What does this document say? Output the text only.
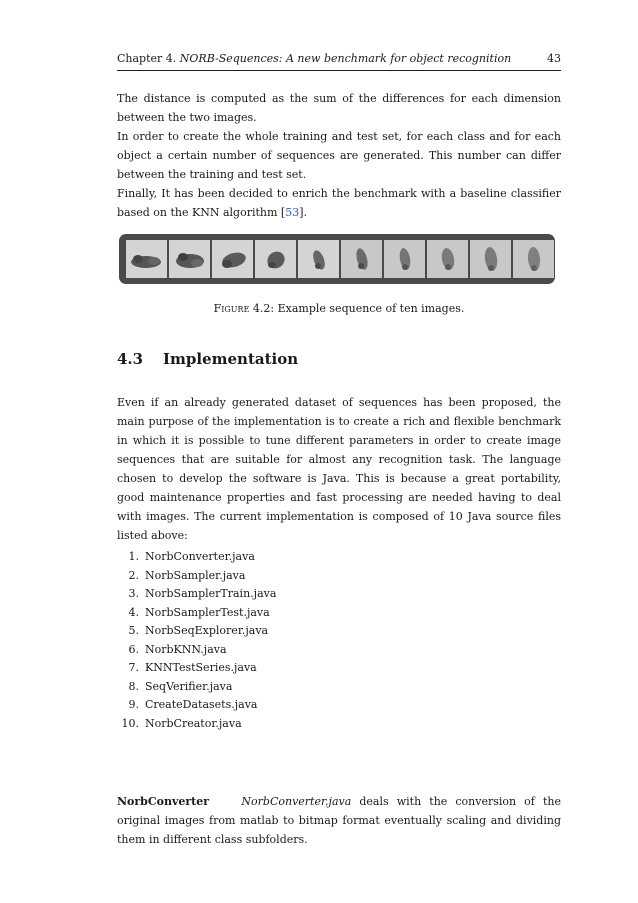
Chapter 4. NORB-Sequences: A new benchmark for object recognition	43

The distance is computed as the sum of the differences for each dimension between the two images.

In order to create the whole training and test set, for each class and for each object a certain number of sequences are generated. This number can differ between the training and test set.

Finally, It has been decided to enrich the benchmark with a baseline classifier based on the KNN algorithm [53].

Figure 4.2: Example sequence of ten images.
4.3 Implementation

Even if an already generated dataset of sequences has been proposed, the main purpose of the implementation is to create a rich and flexible benchmark in which it is possible to tune different parameters in order to create image sequences that are suitable for almost any recognition task. The language chosen to develop the software is Java. This is because a great portability, good maintenance properties and fast processing are needed having to deal with images. The current implementation is composed of 10 Java source files listed above:

1. NorbConverter.java
2. NorbSampler.java
3. NorbSamplerTrain.java
4. NorbSamplerTest.java
5. NorbSeqExplorer.java
6. NorbKNN.java
7. KNNTestSeries.java
8. SeqVerifier.java
9. CreateDatasets.java
10. NorbCreator.java

NorbConverter	NorbConverter.java deals with the conversion of the original images from matlab to bitmap format eventually scaling and dividing them in different class subfolders.
